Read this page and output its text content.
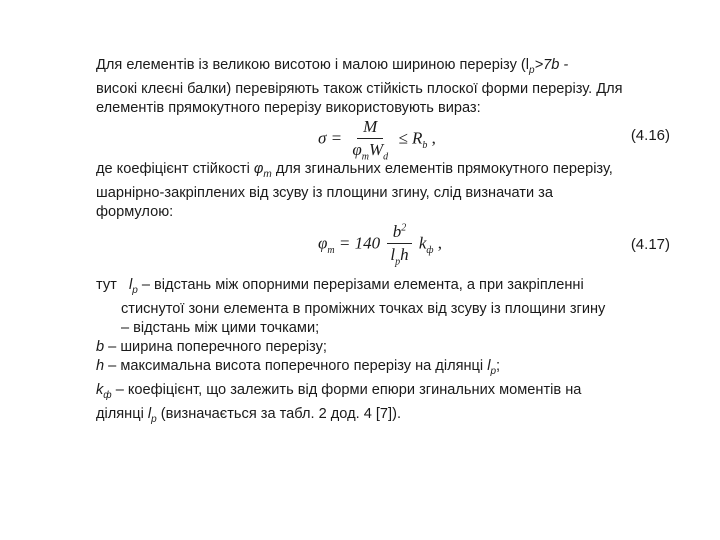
Для елементів із великою висотою і малою шириною перерізу ($l_p>7b$ -
високі клеєні балки) перевіряють також стійкість плоскої форми перерізу. Для
елементів прямокутного перерізу використовують вираз:

$\sigma = \frac{M}{\varphi_mW_d} \le R_b$ ,	(4.16)

де коефіцієнт стійкості $\varphi_m$ для згинальних елементів прямокутного перерізу,
шарнірно-закріплених від зсуву із площини згину, слід визначати за
формулою:

$\varphi_m = 140 \frac{b^2}{l_ph} k_ф$ ,	(4.17)
тут $l_p$ – відстань між опорними перерізами елемента, а при закріпленні
стиснутої зони елемента в проміжних точках від зсуву із площини згину
– відстань між цими точками;
b – ширина поперечного перерізу;
h – максимальна висота поперечного перерізу на ділянці $l_p$;
$k_ф$ – коефіцієнт, що залежить від форми епюри згинальних моментів на
ділянці $l_p$ (визначається за табл. 2 дод. 4 [7]).
